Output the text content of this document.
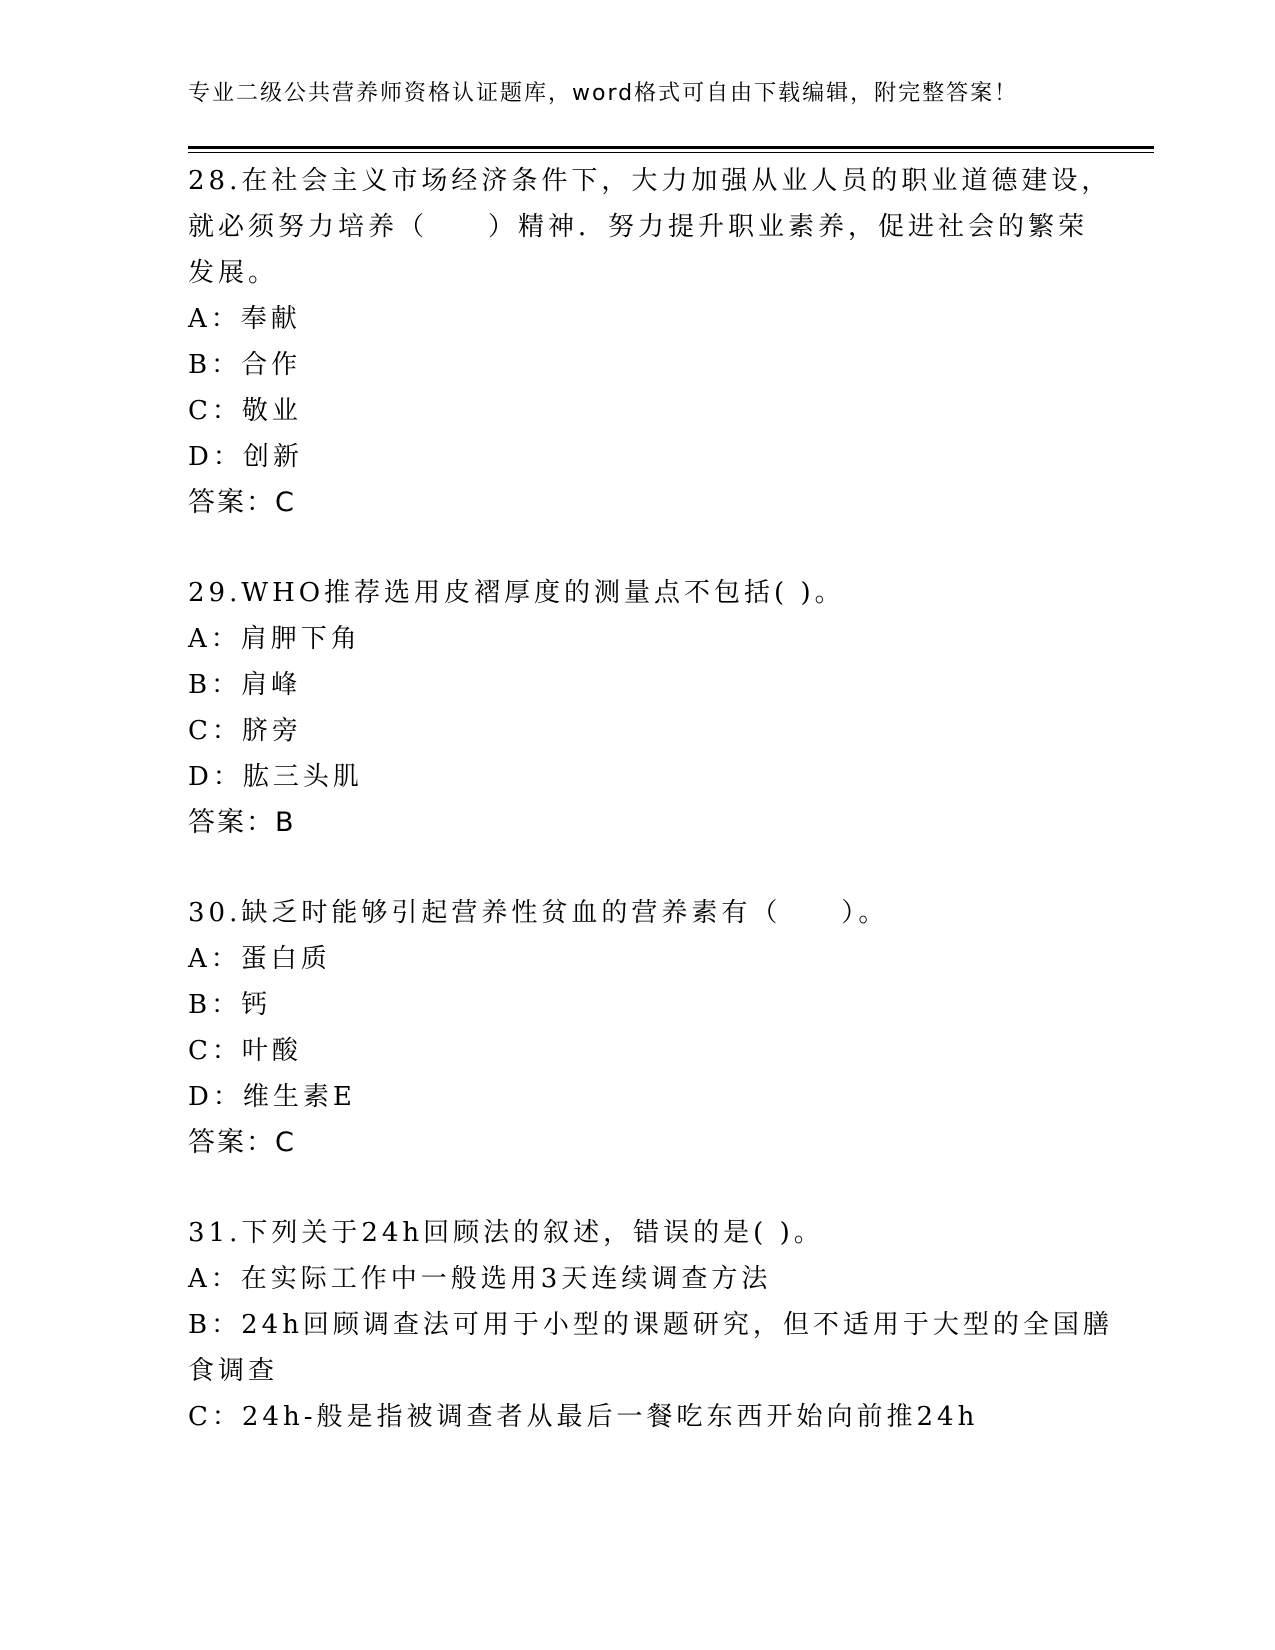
专业二级公共营养师资格认证题库，word格式可自由下载编辑，附完整答案！
28.在社会主义市场经济条件下，大力加强从业人员的职业道德建设，
就必须努力培养（　　）精神．努力提升职业素养，促进社会的繁荣
发展。
A：奉献
B：合作
C：敬业
D：创新
答案：C
29.WHO推荐选用皮褶厚度的测量点不包括( )。
A：肩胛下角
B：肩峰
C：脐旁
D：肱三头肌
答案：B
30.缺乏时能够引起营养性贫血的营养素有（　　）。
A：蛋白质
B：钙
C：叶酸
D：维生素E
答案：C
31.下列关于24h回顾法的叙述，错误的是( )。
A：在实际工作中一般选用3天连续调查方法
B：24h回顾调查法可用于小型的课题研究，但不适用于大型的全国膳
食调查
C：24h-般是指被调查者从最后一餐吃东西开始向前推24h
